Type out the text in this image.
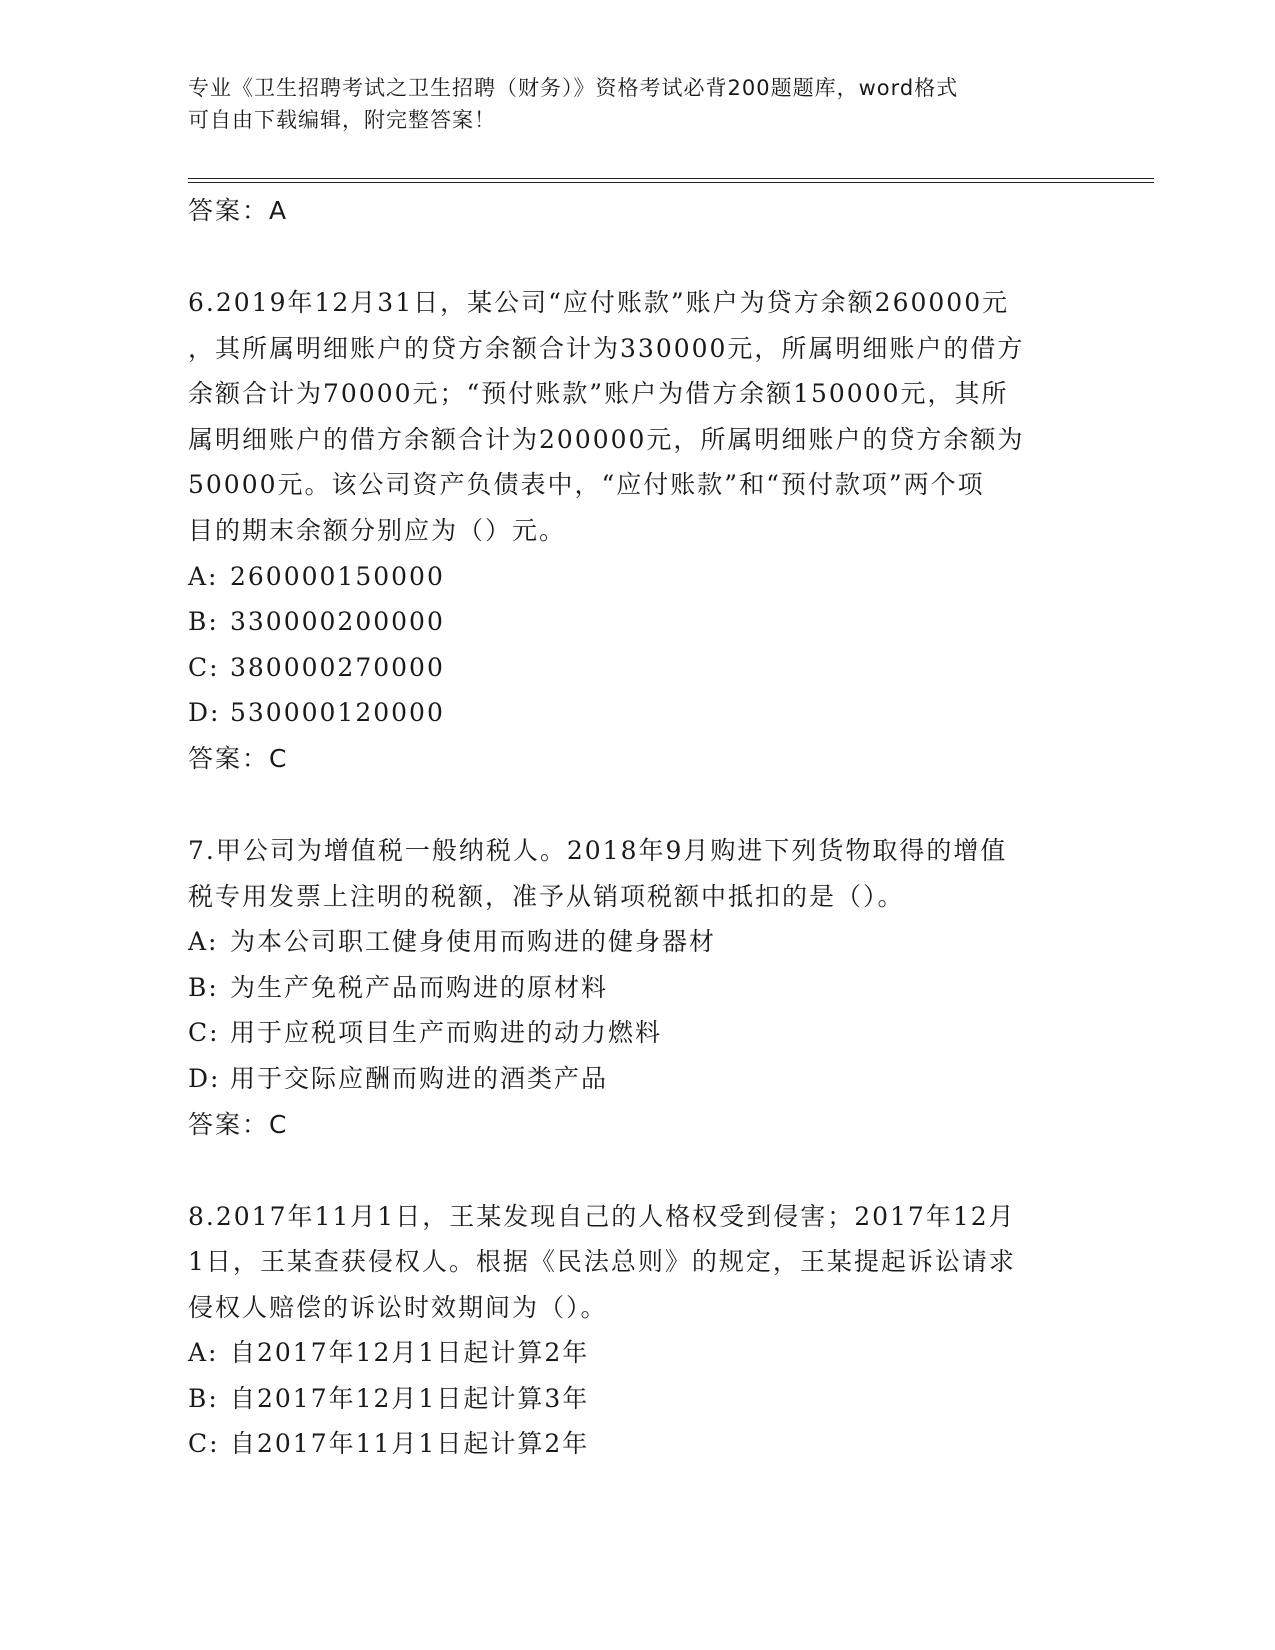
专业《卫生招聘考试之卫生招聘（财务）》资格考试必背200题题库，word格式
可自由下载编辑，附完整答案！
答案：A
6.2019年12月31日，某公司“应付账款”账户为贷方余额260000元
，其所属明细账户的贷方余额合计为330000元，所属明细账户的借方
余额合计为70000元；“预付账款”账户为借方余额150000元，其所
属明细账户的借方余额合计为200000元，所属明细账户的贷方余额为
50000元。该公司资产负债表中，“应付账款”和“预付款项”两个项
目的期末余额分别应为（）元。
A: 260000150000
B: 330000200000
C: 380000270000
D: 530000120000
答案：C
7.甲公司为增值税一般纳税人。2018年9月购进下列货物取得的增值
税专用发票上注明的税额，准予从销项税额中抵扣的是（）。
A: 为本公司职工健身使用而购进的健身器材
B: 为生产免税产品而购进的原材料
C: 用于应税项目生产而购进的动力燃料
D: 用于交际应酬而购进的酒类产品
答案：C
8.2017年11月1日，王某发现自己的人格权受到侵害；2017年12月
1日，王某查获侵权人。根据《民法总则》的规定，王某提起诉讼请求
侵权人赔偿的诉讼时效期间为（）。
A: 自2017年12月1日起计算2年
B: 自2017年12月1日起计算3年
C: 自2017年11月1日起计算2年
